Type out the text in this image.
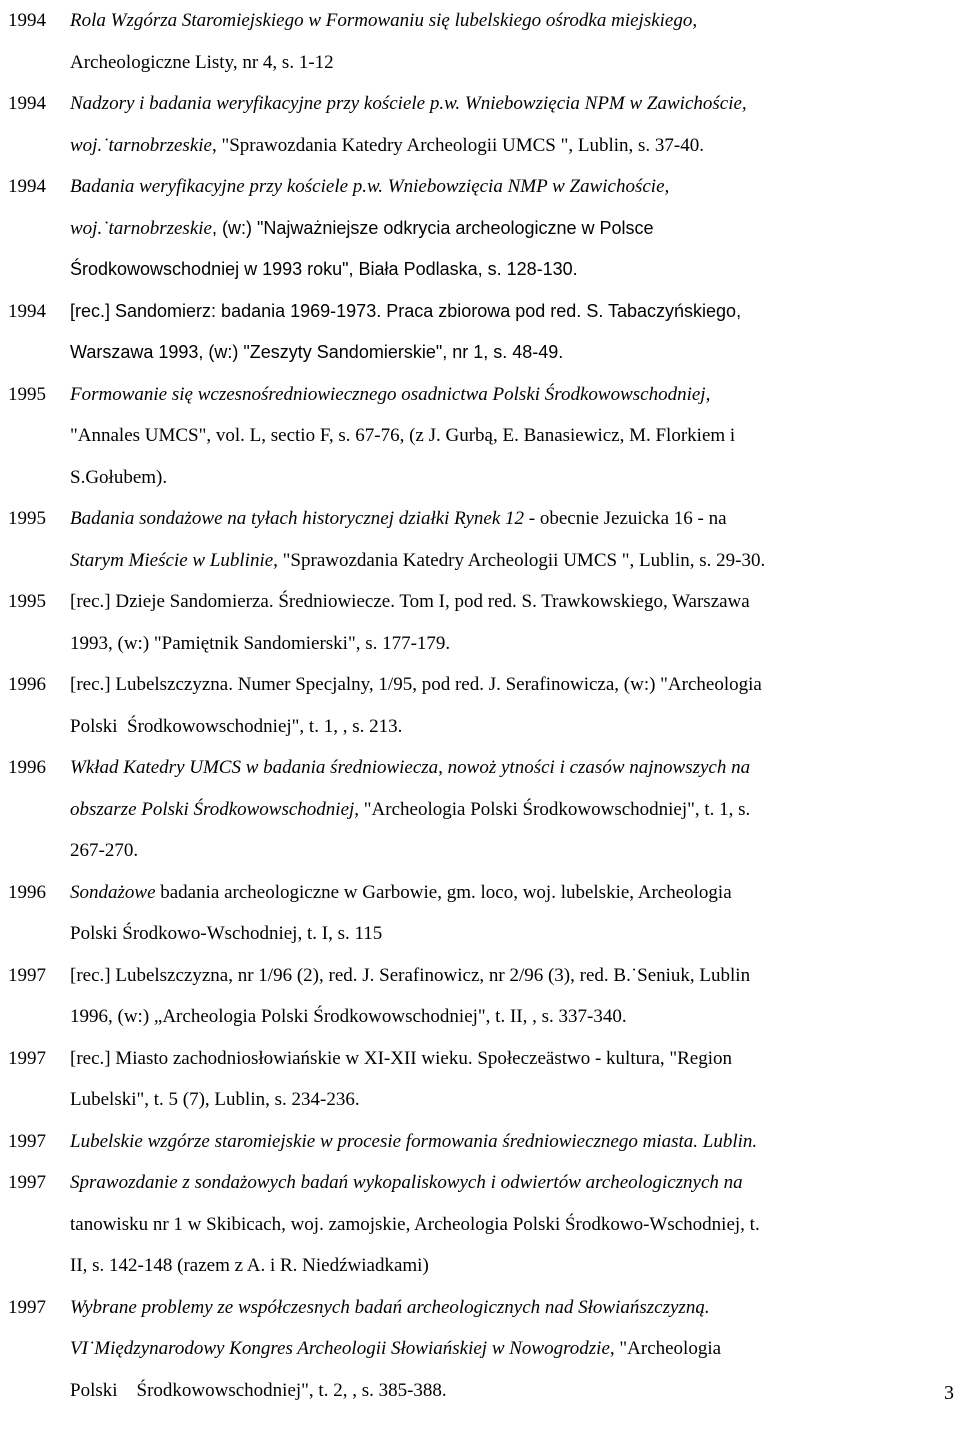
1994	Rola Wzgórza Staromiejskiego w Formowaniu się lubelskiego ośrodka miejskiego,
Archeologiczne Listy, nr 4, s. 1-12
1994	Nadzory i badania weryfikacyjne przy kościele p.w. Wniebowzięcia NPM w Zawichoście,
woj.˙tarnobrzeskie, "Sprawozdania Katedry Archeologii UMCS ", Lublin, s. 37-40.
1994	Badania weryfikacyjne przy kościele p.w. Wniebowzięcia NMP w Zawichoście,
woj.˙tarnobrzeskie, (w:) "Najważniejsze odkrycia archeologiczne w Polsce
Środkowowschodniej w 1993 roku", Biała Podlaska, s. 128-130.
1994	[rec.] Sandomierz: badania 1969-1973. Praca zbiorowa pod red. S. Tabaczyńskiego,
Warszawa 1993, (w:) "Zeszyty Sandomierskie", nr 1, s. 48-49.
1995	Formowanie się wczesnośredniowiecznego osadnictwa Polski Środkowowschodniej,
"Annales UMCS", vol. L, sectio F, s. 67-76, (z J. Gurbą, E. Banasiewicz, M. Florkiem i
S.Gołubem).
1995	Badania sondażowe na tyłach historycznej działki Rynek 12 - obecnie Jezuicka 16 - na
Starym Mieście w Lublinie, "Sprawozdania Katedry Archeologii UMCS ", Lublin, s. 29-30.
1995	[rec.] Dzieje Sandomierza. Średniowiecze. Tom I, pod red. S. Trawkowskiego, Warszawa
1993, (w:) "Pamiętnik Sandomierski", s. 177-179.
1996	[rec.] Lubelszczyzna. Numer Specjalny, 1/95, pod red. J. Serafinowicza, (w:) "Archeologia
Polski  Środkowowschodniej", t. 1, , s. 213.
1996	Wkład Katedry UMCS w badania średniowiecza, nowoż ytności i czasów najnowszych na
obszarze Polski Środkowowschodniej, "Archeologia Polski Środkowowschodniej", t. 1, s.
267-270.
1996	Sondażowe badania archeologiczne w Garbowie, gm. loco, woj. lubelskie, Archeologia
Polski Środkowo-Wschodniej, t. I, s. 115
1997	[rec.] Lubelszczyzna, nr 1/96 (2), red. J. Serafinowicz, nr 2/96 (3), red. B.˙Seniuk, Lublin
1996, (w:) „Archeologia Polski Środkowowschodniej", t. II, , s. 337-340.
1997	[rec.] Miasto zachodniosłowiańskie w XI-XII wieku. Społeczeästwo - kultura, "Region
Lubelski", t. 5 (7), Lublin, s. 234-236.
1997	Lubelskie wzgórze staromiejskie w procesie formowania średniowiecznego miasta. Lublin.
1997	Sprawozdanie z sondażowych badań wykopaliskowych i odwiertów archeologicznych na
tanowisku nr 1 w Skibicach, woj. zamojskie, Archeologia Polski Środkowo-Wschodniej, t.
II, s. 142-148 (razem z A. i R. Niedźwiadkami)
1997	Wybrane problemy ze współczesnych badań archeologicznych nad Słowiańszczyzną.
VI˙Międzynarodowy Kongres Archeologii Słowiańskiej w Nowogrodzie, "Archeologia
Polski    Środkowowschodniej", t. 2, , s. 385-388.	3
